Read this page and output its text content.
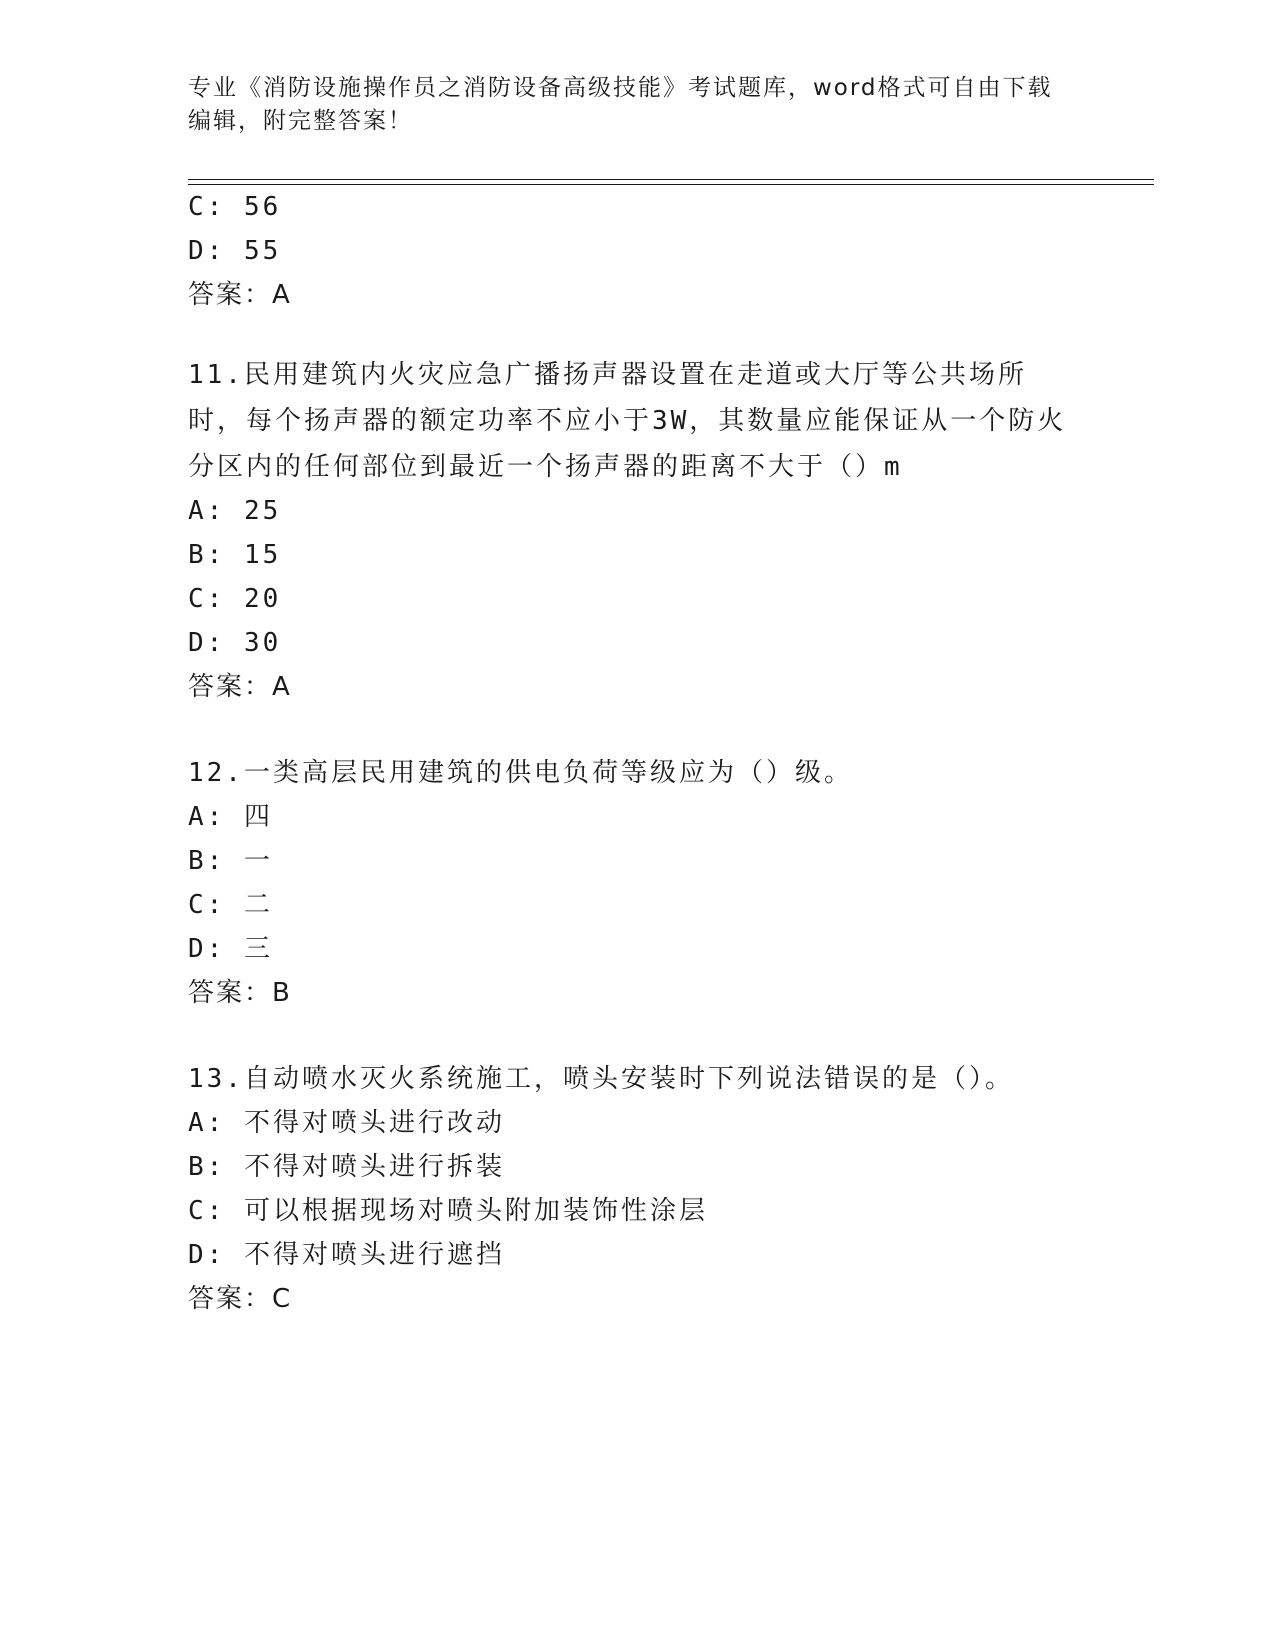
专业《消防设施操作员之消防设备高级技能》考试题库，word格式可自由下载编辑，附完整答案！
C: 56
D: 55
答案：A
11.民用建筑内火灾应急广播扬声器设置在走道或大厅等公共场所时，每个扬声器的额定功率不应小于3W，其数量应能保证从一个防火分区内的任何部位到最近一个扬声器的距离不大于（）m
A: 25
B: 15
C: 20
D: 30
答案：A
12.一类高层民用建筑的供电负荷等级应为（）级。
A: 四
B: 一
C: 二
D: 三
答案：B
13.自动喷水灭火系统施工，喷头安装时下列说法错误的是（）。
A: 不得对喷头进行改动
B: 不得对喷头进行拆装
C: 可以根据现场对喷头附加装饰性涂层
D: 不得对喷头进行遮挡
答案：C
